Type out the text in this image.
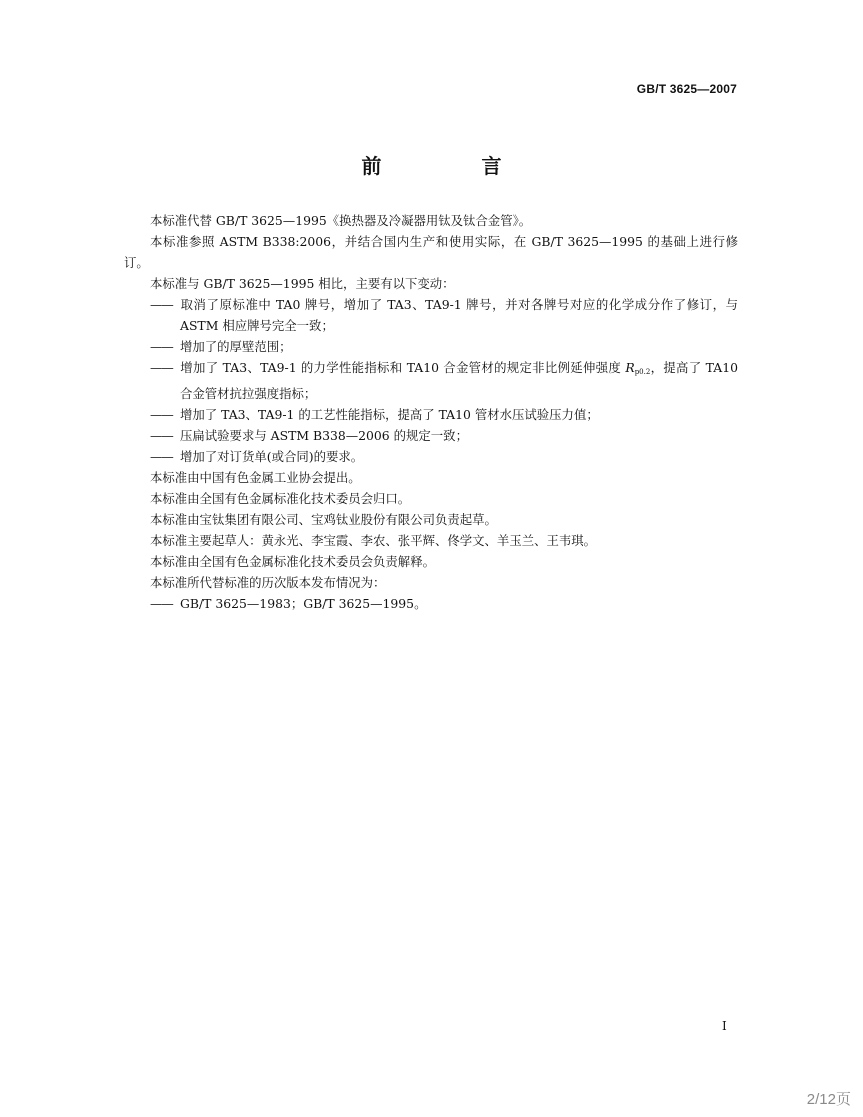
GB/T 3625—2007
前　言

本标准代替 GB/T 3625—1995《换热器及冷凝器用钛及钛合金管》。

本标准参照 ASTM B338:2006，并结合国内生产和使用实际，在 GB/T 3625—1995 的基础上进行修订。

本标准与 GB/T 3625—1995 相比，主要有以下变动：

—— 取消了原标准中 TA0 牌号，增加了 TA3、TA9-1 牌号，并对各牌号对应的化学成分作了修订，与 ASTM 相应牌号完全一致；

—— 增加了的厚壁范围；

—— 增加了 TA3、TA9-1 的力学性能指标和 TA10 合金管材的规定非比例延伸强度 $R_{p0.2}$，提高了 TA10 合金管材抗拉强度指标；

—— 增加了 TA3、TA9-1 的工艺性能指标，提高了 TA10 管材水压试验压力值；

—— 压扁试验要求与 ASTM B338—2006 的规定一致；

—— 增加了对订货单(或合同)的要求。

本标准由中国有色金属工业协会提出。

本标准由全国有色金属标准化技术委员会归口。

本标准由宝钛集团有限公司、宝鸡钛业股份有限公司负责起草。

本标准主要起草人：黄永光、李宝霞、李农、张平辉、佟学文、羊玉兰、王韦琪。

本标准由全国有色金属标准化技术委员会负责解释。

本标准所代替标准的历次版本发布情况为：

—— GB/T 3625—1983；GB/T 3625—1995。

I
2/12页
